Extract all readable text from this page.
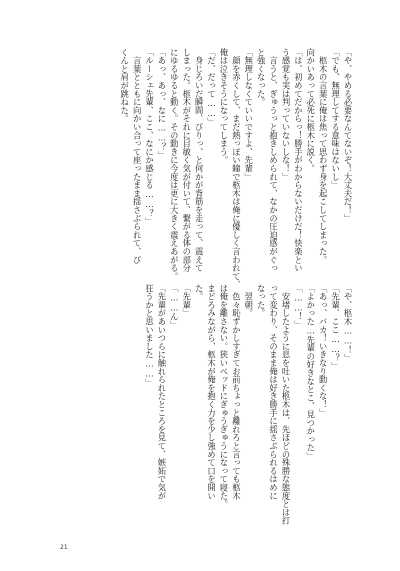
「や、やめる必要なんてないぞ！大丈夫だ！」
「でも、無理してする意味はないし」
　柩木の言葉に俺は焦って思わず身を起こしてしまった。
向かいあって必死に柩木に説く。
「は、初めてだからっ！勝手がわからないだけだ！快楽とい
う感覚も実は判っていないしな！」
　言うと、ぎゅうっと抱きしめられて、なかの圧迫感がぐっ
と強くなった。
「無理しなくていいですよ、先輩」
　顔を赤くして、まだ熱っぽい瞳で柩木は俺に優しく言われて、
俺は泣きそうになってしまう。
「だ、だって……」
　身じろいだ瞬間、びりっ、と何かが背筋を走って、震えて
しまった。柩木がそれに目敏く気が付いて、繋がる体の部分
にゆるゆると動く。その動きに今度は更に大きく震えあがる。
「あっ、あっ、なに……？」
「ルーシェ先輩、ここ、なにか感じる……？」
　言葉とともに向かい合って座ったまま揺さぶられて、び
くんと肩が跳ねた。
「や、柩木……！」
「先輩、ここ……？」
「あっ、バカ！いきなり動くな！」
「よかった…先輩の好きなとこ、見つかった」
「……！」
　安堵したように息を吐いた柩木は、先ほどの殊勝な態度とは打
って変わり、そのまま俺は好き勝手に揺さぶられるはめに
なった。
　翌朝。
　色々恥ずかしすぎてお前ちょっと離れろと言っても柩木
は俺を離さない。狭いベッドにぎゅうぎゅうになって寝た。
まどろみながら、柩木が俺を抱く力を少し強めて口を開い
た。
「先輩」
「……ん」
「先輩があいつらに触れられたところを見て、嫉妬で気が
狂うかと思いました……」
21
